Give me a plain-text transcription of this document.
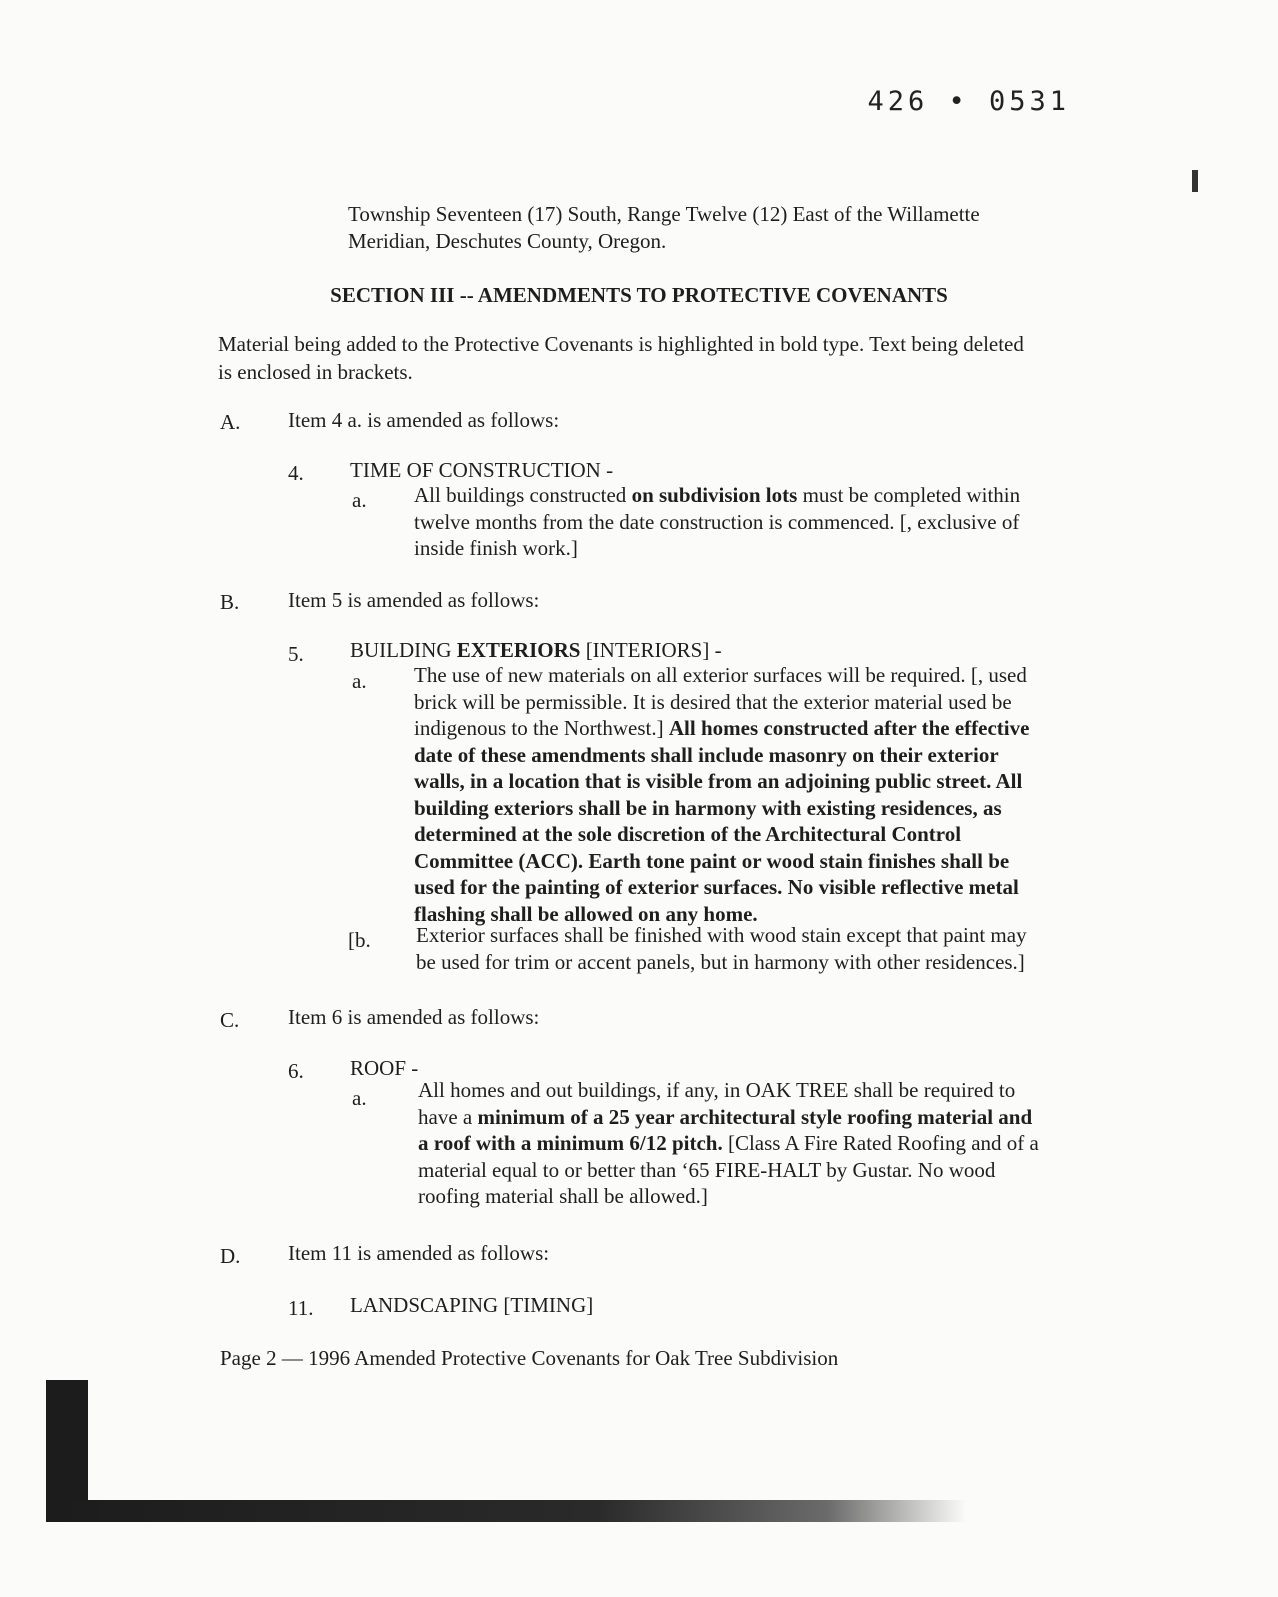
426 • 0531
Township Seventeen (17) South, Range Twelve (12) East of the Willamette
Meridian, Deschutes County, Oregon.
SECTION III -- AMENDMENTS TO PROTECTIVE COVENANTS
Material being added to the Protective Covenants is highlighted in bold type. Text being deleted
is enclosed in brackets.
A. Item 4 a. is amended as follows:
4. TIME OF CONSTRUCTION -
a. All buildings constructed on subdivision lots must be completed within
twelve months from the date construction is commenced. [, exclusive of
inside finish work.]
B. Item 5 is amended as follows:
5. BUILDING EXTERIORS [INTERIORS] -
a. The use of new materials on all exterior surfaces will be required. [, used
brick will be permissible. It is desired that the exterior material used be
indigenous to the Northwest.] All homes constructed after the effective
date of these amendments shall include masonry on their exterior
walls, in a location that is visible from an adjoining public street. All
building exteriors shall be in harmony with existing residences, as
determined at the sole discretion of the Architectural Control
Committee (ACC). Earth tone paint or wood stain finishes shall be
used for the painting of exterior surfaces. No visible reflective metal
flashing shall be allowed on any home.
[b. Exterior surfaces shall be finished with wood stain except that paint may
be used for trim or accent panels, but in harmony with other residences.]
C. Item 6 is amended as follows:
6. ROOF -
a. All homes and out buildings, if any, in OAK TREE shall be required to
have a minimum of a 25 year architectural style roofing material and
a roof with a minimum 6/12 pitch. [Class A Fire Rated Roofing and of a
material equal to or better than ‘65 FIRE-HALT by Gustar. No wood
roofing material shall be allowed.]
D. Item 11 is amended as follows:
11. LANDSCAPING [TIMING]
Page 2 — 1996 Amended Protective Covenants for Oak Tree Subdivision
